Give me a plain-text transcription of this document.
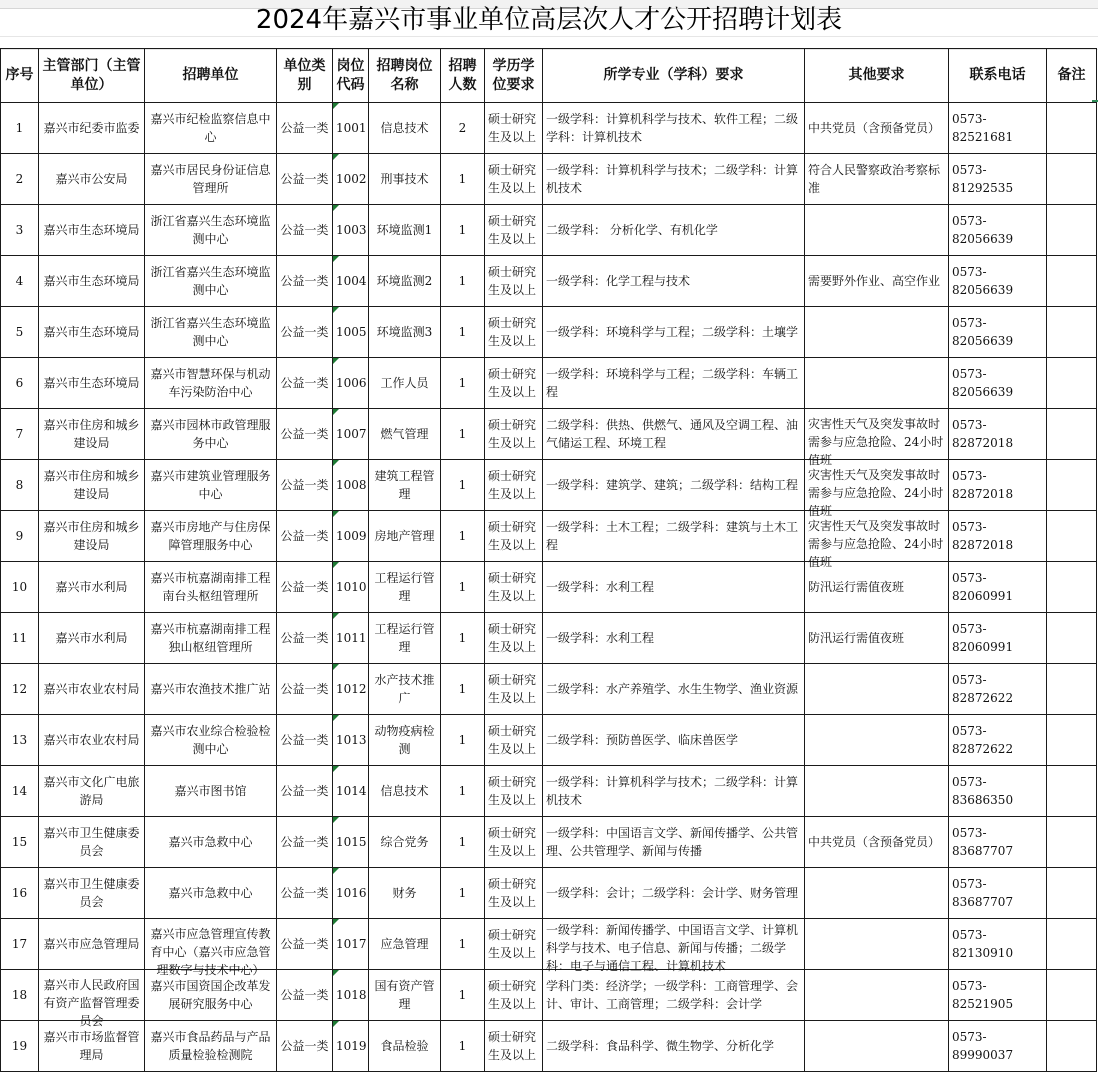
2024年嘉兴市事业单位高层次人才公开招聘计划表
序号	主管部门（主管单位）	招聘单位	单位类别	岗位代码	招聘岗位名称	招聘人数	学历学位要求	所学专业（学科）要求	其他要求	联系电话	备注

1	嘉兴市纪委市监委	嘉兴市纪检监察信息中心	公益一类	1001	信息技术	2	硕士研究生及以上	一级学科：计算机科学与技术、软件工程；二级学科：计算机技术	中共党员（含预备党员）	0573-82521681	

2	嘉兴市公安局	嘉兴市居民身份证信息管理所	公益一类	1002	刑事技术	1	硕士研究生及以上	一级学科：计算机科学与技术；二级学科：计算机技术	符合人民警察政治考察标准	0573-81292535	

3	嘉兴市生态环境局	浙江省嘉兴生态环境监测中心	公益一类	1003	环境监测1	1	硕士研究生及以上	二级学科： 分析化学、有机化学		0573-82056639	

4	嘉兴市生态环境局	浙江省嘉兴生态环境监测中心	公益一类	1004	环境监测2	1	硕士研究生及以上	一级学科：化学工程与技术	需要野外作业、高空作业	0573-82056639	

5	嘉兴市生态环境局	浙江省嘉兴生态环境监测中心	公益一类	1005	环境监测3	1	硕士研究生及以上	一级学科：环境科学与工程；二级学科：土壤学		0573-82056639	

6	嘉兴市生态环境局	嘉兴市智慧环保与机动车污染防治中心	公益一类	1006	工作人员	1	硕士研究生及以上	一级学科：环境科学与工程；二级学科：车辆工程		0573-82056639	

7	嘉兴市住房和城乡建设局	嘉兴市园林市政管理服务中心	公益一类	1007	燃气管理	1	硕士研究生及以上	二级学科：供热、供燃气、通风及空调工程、油气储运工程、环境工程	灾害性天气及突发事故时需参与应急抢险、24小时值班	0573-82872018	

8	嘉兴市住房和城乡建设局	嘉兴市建筑业管理服务中心	公益一类	1008	建筑工程管理	1	硕士研究生及以上	一级学科：建筑学、建筑；二级学科：结构工程	灾害性天气及突发事故时需参与应急抢险、24小时值班	0573-82872018	

9	嘉兴市住房和城乡建设局	嘉兴市房地产与住房保障管理服务中心	公益一类	1009	房地产管理	1	硕士研究生及以上	一级学科：土木工程；二级学科：建筑与土木工程	灾害性天气及突发事故时需参与应急抢险、24小时值班	0573-82872018	

10	嘉兴市水利局	嘉兴市杭嘉湖南排工程南台头枢纽管理所	公益一类	1010	工程运行管理	1	硕士研究生及以上	一级学科：水利工程	防汛运行需值夜班	0573-82060991	

11	嘉兴市水利局	嘉兴市杭嘉湖南排工程独山枢纽管理所	公益一类	1011	工程运行管理	1	硕士研究生及以上	一级学科：水利工程	防汛运行需值夜班	0573-82060991	

12	嘉兴市农业农村局	嘉兴市农渔技术推广站	公益一类	1012	水产技术推广	1	硕士研究生及以上	二级学科：水产养殖学、水生生物学、渔业资源		0573-82872622	

13	嘉兴市农业农村局	嘉兴市农业综合检验检测中心	公益一类	1013	动物疫病检测	1	硕士研究生及以上	二级学科：预防兽医学、临床兽医学		0573-82872622	

14	嘉兴市文化广电旅游局	嘉兴市图书馆	公益一类	1014	信息技术	1	硕士研究生及以上	一级学科：计算机科学与技术；二级学科：计算机技术		0573-83686350	

15	嘉兴市卫生健康委员会	嘉兴市急救中心	公益一类	1015	综合党务	1	硕士研究生及以上	一级学科：中国语言文学、新闻传播学、公共管理、公共管理学、新闻与传播	中共党员（含预备党员）	0573-83687707	

16	嘉兴市卫生健康委员会	嘉兴市急救中心	公益一类	1016	财务	1	硕士研究生及以上	一级学科：会计；二级学科：会计学、财务管理		0573-83687707	

17	嘉兴市应急管理局	嘉兴市应急管理宣传教育中心（嘉兴市应急管理数字与技术中心）	公益一类	1017	应急管理	1	硕士研究生及以上	一级学科：新闻传播学、中国语言文学、计算机科学与技术、电子信息、新闻与传播；二级学科：电子与通信工程、计算机技术		0573-82130910	

18	嘉兴市人民政府国有资产监督管理委员会	嘉兴市国资国企改革发展研究服务中心	公益一类	1018	国有资产管理	1	硕士研究生及以上	学科门类：经济学；一级学科：工商管理学、会计、审计、工商管理；二级学科：会计学		0573-82521905	

19	嘉兴市市场监督管理局	嘉兴市食品药品与产品质量检验检测院	公益一类	1019	食品检验	1	硕士研究生及以上	二级学科：食品科学、微生物学、分析化学		0573-89990037	
